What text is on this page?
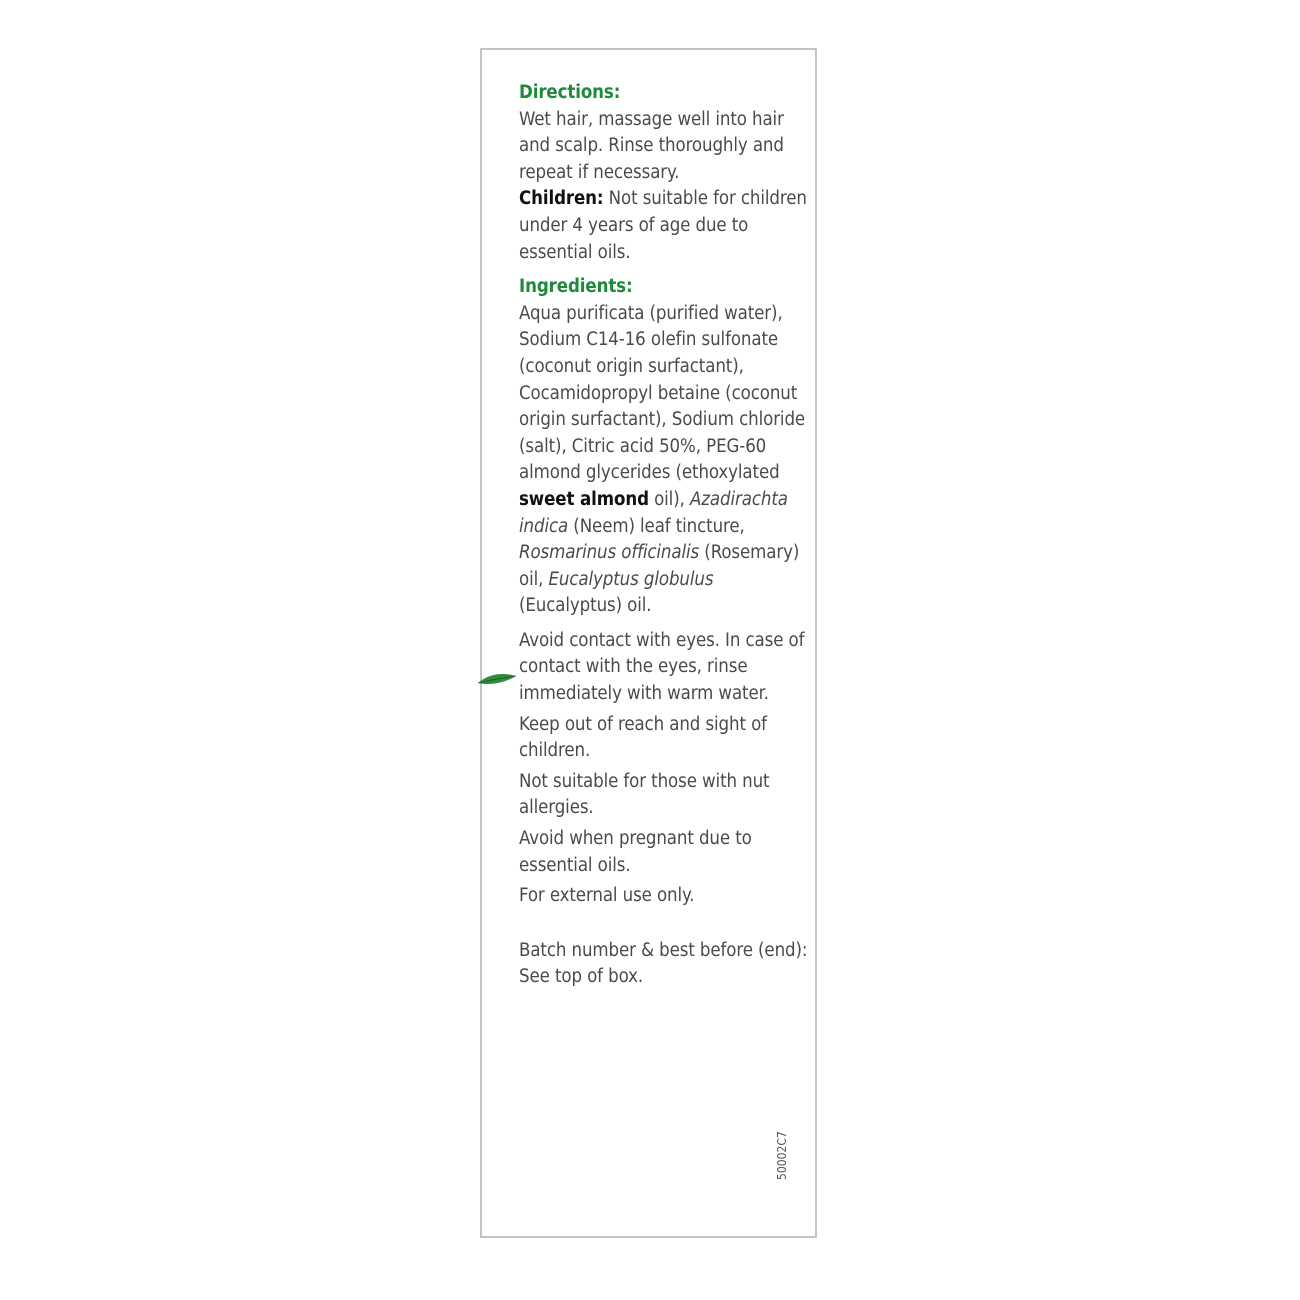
Directions:

Wet hair, massage well into hair and scalp. Rinse thoroughly and repeat if necessary.

Children: Not suitable for children under 4 years of age due to essential oils.

Ingredients:

Aqua purificata (purified water), Sodium C14-16 olefin sulfonate (coconut origin surfactant), Cocamidopropyl betaine (coconut origin surfactant), Sodium chloride (salt), Citric acid 50%, PEG-60 almond glycerides (ethoxylated sweet almond oil), Azadirachta indica (Neem) leaf tincture, Rosmarinus officinalis (Rosemary) oil, Eucalyptus globulus (Eucalyptus) oil.

Avoid contact with eyes. In case of contact with the eyes, rinse immediately with warm water.

Keep out of reach and sight of children.

Not suitable for those with nut allergies.

Avoid when pregnant due to essential oils.

For external use only.

Batch number & best before (end): See top of box.

50002C7
